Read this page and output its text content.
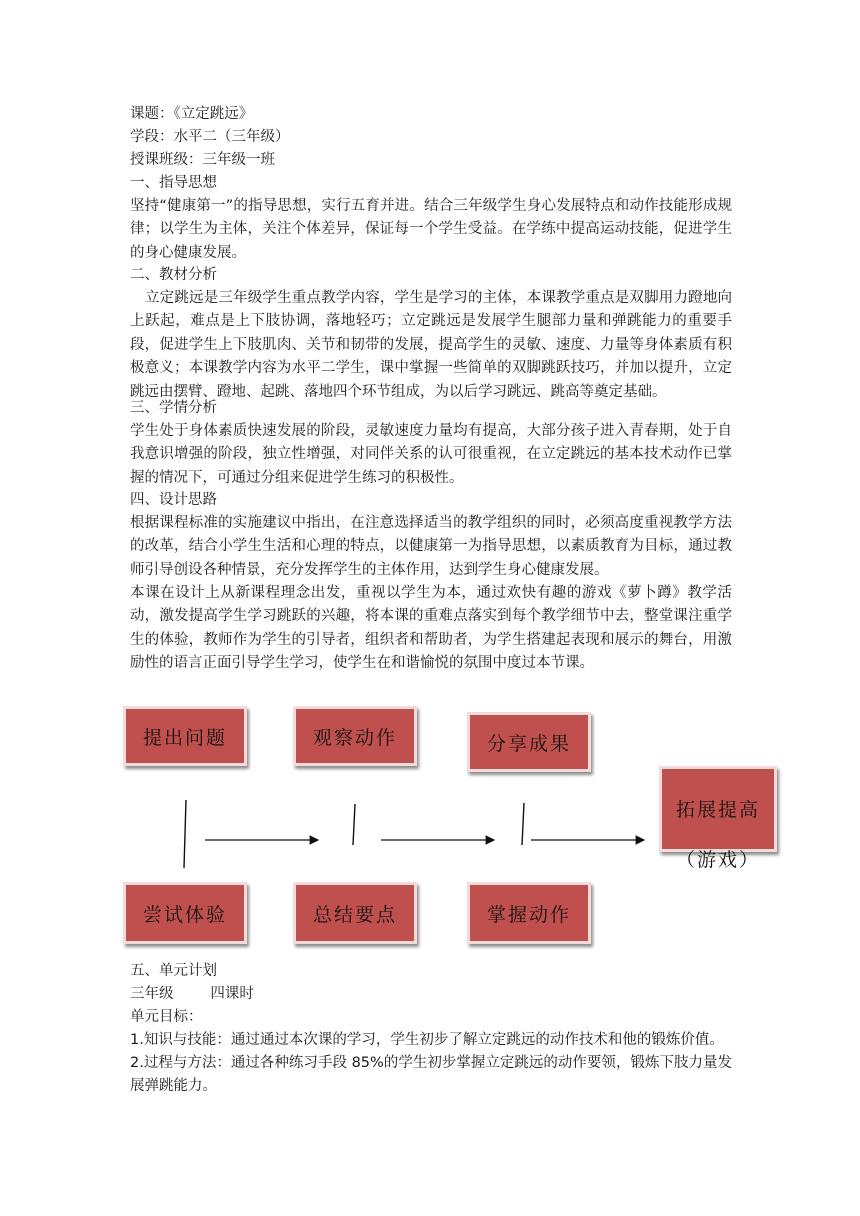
课题：《立定跳远》
学段：水平二（三年级）
授课班级：三年级一班
一、指导思想
坚持“健康第一”的指导思想，实行五育并进。结合三年级学生身心发展特点和动作技能形成规律；以学生为主体，关注个体差异，保证每一个学生受益。在学练中提高运动技能，促进学生的身心健康发展。
二、教材分析
立定跳远是三年级学生重点教学内容，学生是学习的主体，本课教学重点是双脚用力蹬地向上跃起，难点是上下肢协调，落地轻巧；立定跳远是发展学生腿部力量和弹跳能力的重要手段，促进学生上下肢肌肉、关节和韧带的发展，提高学生的灵敏、速度、力量等身体素质有积极意义；本课教学内容为水平二学生，课中掌握一些简单的双脚跳跃技巧，并加以提升，立定跳远由摆臂、蹬地、起跳、落地四个环节组成，为以后学习跳远、跳高等奠定基础。
三、学情分析
学生处于身体素质快速发展的阶段，灵敏速度力量均有提高，大部分孩子进入青春期，处于自我意识增强的阶段，独立性增强，对同伴关系的认可很重视，在立定跳远的基本技术动作已掌握的情况下，可通过分组来促进学生练习的积极性。
四、设计思路
根据课程标准的实施建议中指出，在注意选择适当的教学组织的同时，必须高度重视教学方法的改革，结合小学生生活和心理的特点，以健康第一为指导思想，以素质教育为目标，通过教师引导创设各种情景，充分发挥学生的主体作用，达到学生身心健康发展。
本课在设计上从新课程理念出发，重视以学生为本，通过欢快有趣的游戏《萝卜蹲》教学活动，激发提高学生学习跳跃的兴趣，将本课的重难点落实到每个教学细节中去，整堂课注重学生的体验，教师作为学生的引导者，组织者和帮助者，为学生搭建起表现和展示的舞台，用激励性的语言正面引导学生学习，使学生在和谐愉悦的氛围中度过本节课。
提出问题	观察动作	分享成果
拓展提高
（游戏）
尝试体验	总结要点	掌握动作
五、单元计划
三年级        四课时
单元目标：
1.知识与技能：通过通过本次课的学习，学生初步了解立定跳远的动作技术和他的锻炼价值。
2.过程与方法：通过各种练习手段 85%的学生初步掌握立定跳远的动作要领，锻炼下肢力量发展弹跳能力。
